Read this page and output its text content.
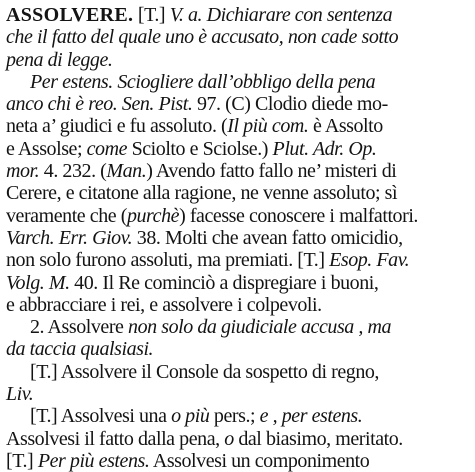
ASSOLVERE. [T.] V. a. Dichiarare con sentenza
che il fatto del quale uno è accusato, non cade sotto
pena di legge.
Per estens. Sciogliere dall’obbligo della pena
anco chi è reo. Sen. Pist. 97. (C) Clodio diede mo-
neta a’ giudici e fu assoluto. (Il più com. è Assolto
e Assolse; come Sciolto e Sciolse.) Plut. Adr. Op.
mor. 4. 232. (Man.) Avendo fatto fallo ne’ misteri di
Cerere, e citatone alla ragione, ne venne assoluto; sì
veramente che (purchè) facesse conoscere i malfattori.
Varch. Err. Giov. 38. Molti che avean fatto omicidio,
non solo furono assoluti, ma premiati. [T.] Esop. Fav.
Volg. M. 40. Il Re cominciò a dispregiare i buoni,
e abbracciare i rei, e assolvere i colpevoli.
2. Assolvere non solo da giudiciale accusa , ma
da taccia qualsiasi.
[T.] Assolvere il Console da sospetto di regno,
Liv.
[T.] Assolvesi una o più pers.; e , per estens.
Assolvesi il fatto dalla pena, o dal biasimo, meritato.
[T.] Per più estens. Assolvesi un componimento
